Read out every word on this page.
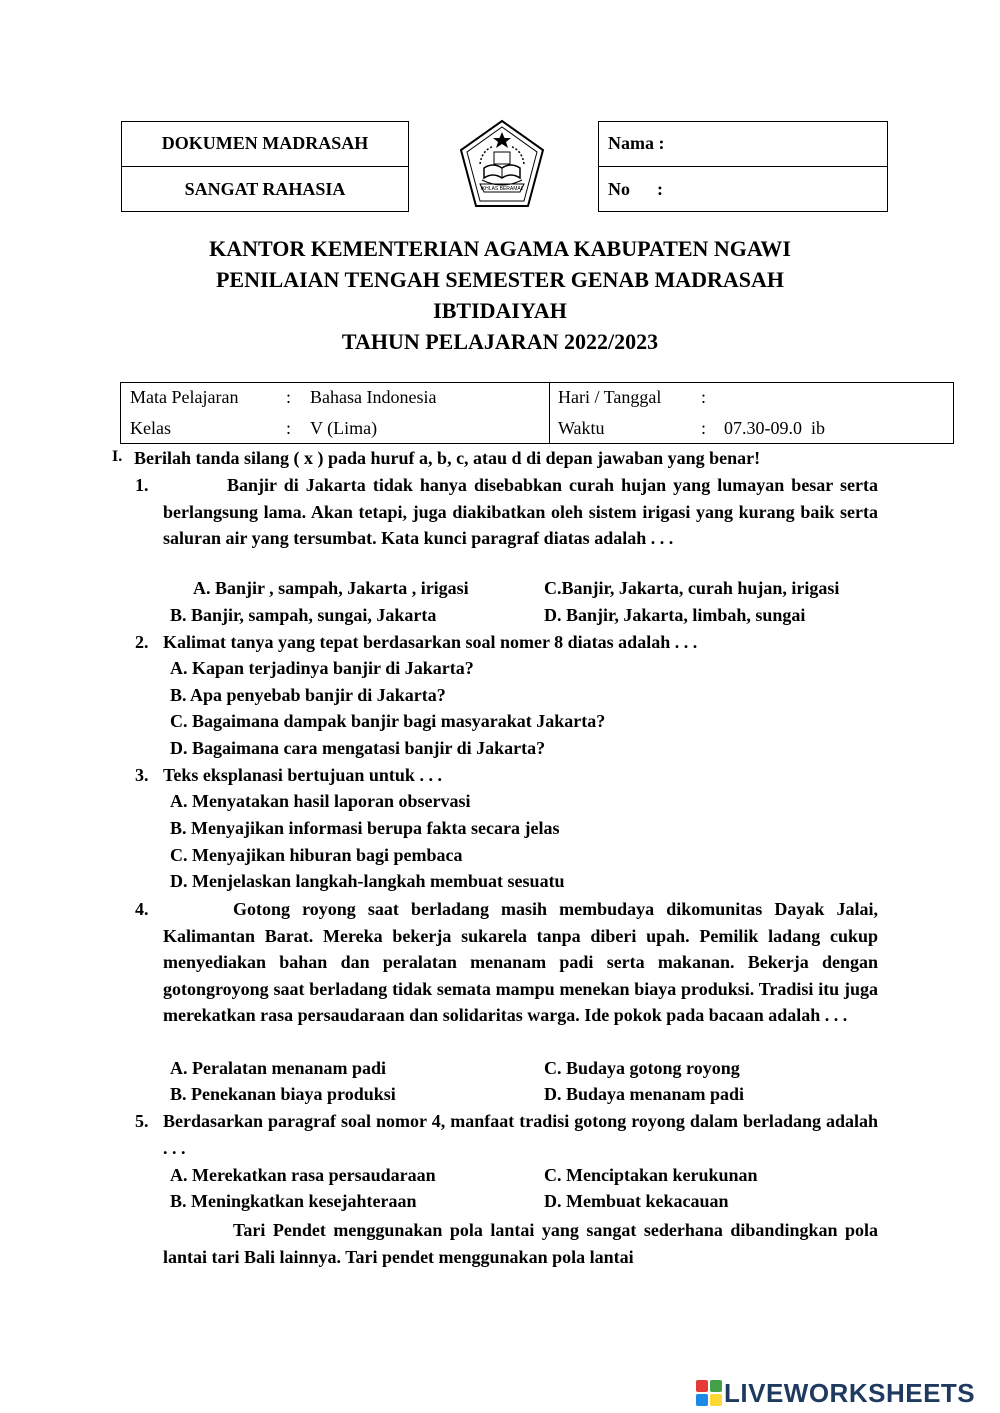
DOKUMEN MADRASAH
SANGAT RAHASIA	IKHLAS BERAMAL
Nama :
No      :
KANTOR KEMENTERIAN AGAMA KABUPATEN NGAWI
PENILAIAN TENGAH SEMESTER GENAB MADRASAH
IBTIDAIYAH
TAHUN PELAJARAN 2022/2023
Mata Pelajaran	: Bahasa Indonesia	Hari / Tanggal :
Kelas	: V (Lima)	Waktu	: 07.30-09.0  ib
I. Berilah tanda silang ( x ) pada huruf a, b, c, atau d di depan jawaban yang benar!
1.	Banjir di Jakarta tidak hanya disebabkan curah hujan yang lumayan besar serta berlangsung lama. Akan tetapi, juga diakibatkan oleh sistem irigasi yang kurang baik serta saluran air yang tersumbat. Kata kunci paragraf diatas adalah . . .
A. Banjir , sampah, Jakarta , irigasi	C.Banjir, Jakarta, curah hujan, irigasi
B. Banjir, sampah, sungai, Jakarta	D. Banjir, Jakarta, limbah, sungai
2. Kalimat tanya yang tepat berdasarkan soal nomer 8 diatas adalah . . .
A. Kapan terjadinya banjir di Jakarta?
B. Apa penyebab banjir di Jakarta?
C. Bagaimana dampak banjir bagi masyarakat Jakarta?
D. Bagaimana cara mengatasi banjir di Jakarta?
3. Teks eksplanasi bertujuan untuk . . .
A. Menyatakan hasil laporan observasi
B. Menyajikan informasi berupa fakta secara jelas
C. Menyajikan hiburan bagi pembaca
D. Menjelaskan langkah-langkah membuat sesuatu
4.	Gotong royong saat berladang masih membudaya dikomunitas Dayak Jalai, Kalimantan Barat. Mereka bekerja sukarela tanpa diberi upah. Pemilik ladang cukup menyediakan bahan dan peralatan menanam padi serta makanan. Bekerja dengan gotongroyong saat berladang tidak semata mampu menekan biaya produksi. Tradisi itu juga merekatkan rasa persaudaraan dan solidaritas warga. Ide pokok pada bacaan adalah . . .
A. Peralatan menanam padi	C. Budaya gotong royong
B. Penekanan biaya produksi	D. Budaya menanam padi
5. Berdasarkan paragraf soal nomor 4, manfaat tradisi gotong royong dalam berladang adalah . . .
A. Merekatkan rasa persaudaraan	C. Menciptakan kerukunan
B. Meningkatkan kesejahteraan	D. Membuat kekacauan
Tari Pendet menggunakan pola lantai yang sangat sederhana dibandingkan pola lantai tari Bali lainnya. Tari pendet menggunakan pola lantai
LIVEWORKSHEETS
